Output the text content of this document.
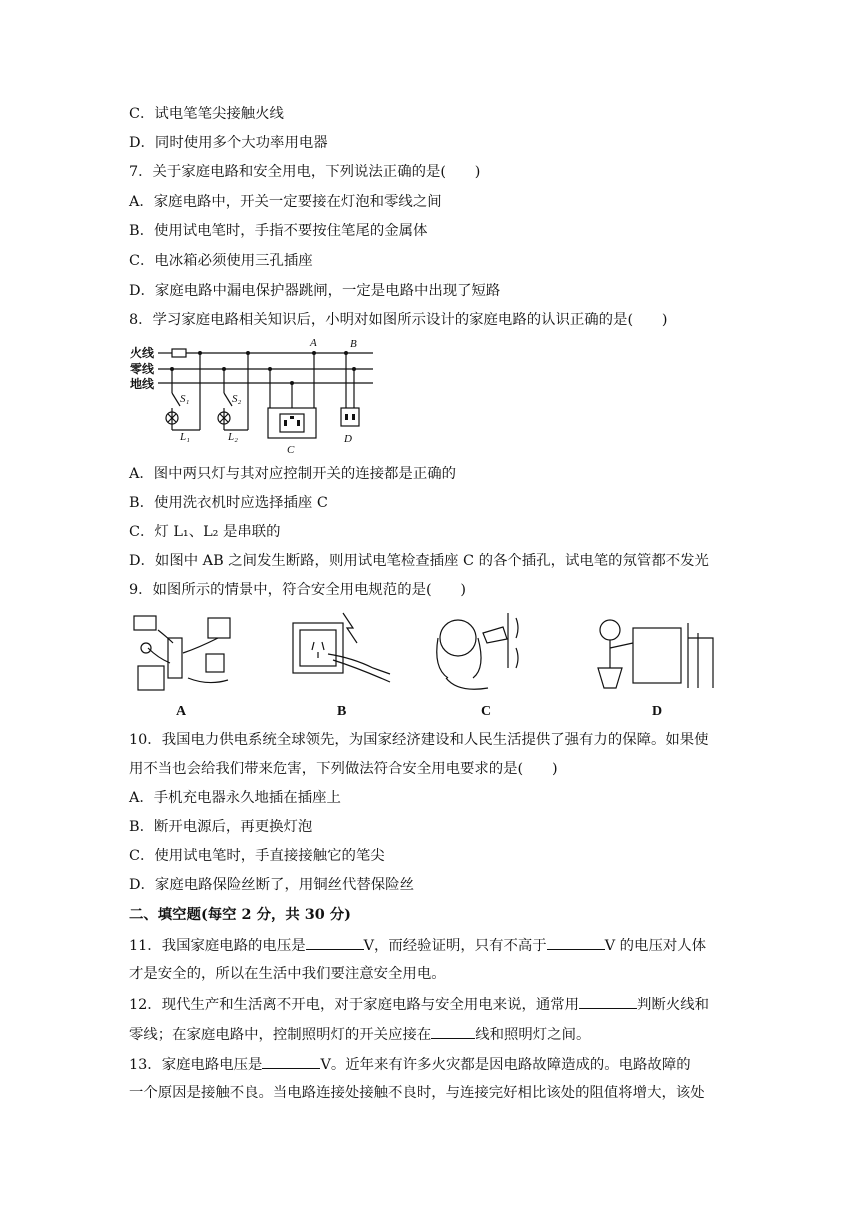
C．试电笔笔尖接触火线
D．同时使用多个大功率用电器
7．关于家庭电路和安全用电，下列说法正确的是(　　)
A．家庭电路中，开关一定要接在灯泡和零线之间
B．使用试电笔时，手指不要按住笔尾的金属体
C．电冰箱必须使用三孔插座
D．家庭电路中漏电保护器跳闸，一定是电路中出现了短路
8．学习家庭电路相关知识后，小明对如图所示设计的家庭电路的认识正确的是(　　)
火线
零线
地线
S₁	S₂
L₁	L₂
A	B
C
D
A．图中两只灯与其对应控制开关的连接都是正确的
B．使用洗衣机时应选择插座 C
C．灯 L₁、L₂ 是串联的
D．如图中 AB 之间发生断路，则用试电笔检查插座 C 的各个插孔，试电笔的氖管都不发光
9．如图所示的情景中，符合安全用电规范的是(　　)
A	B	C	D
10．我国电力供电系统全球领先，为国家经济建设和人民生活提供了强有力的保障。如果使
用不当也会给我们带来危害，下列做法符合安全用电要求的是(　　)
A．手机充电器永久地插在插座上
B．断开电源后，再更换灯泡
C．使用试电笔时，手直接接触它的笔尖
D．家庭电路保险丝断了，用铜丝代替保险丝
二、填空题(每空 2 分，共 30 分)
11．我国家庭电路的电压是	V，而经验证明，只有不高于	V 的电压对人体
才是安全的，所以在生活中我们要注意安全用电。
12．现代生产和生活离不开电，对于家庭电路与安全用电来说，通常用	判断火线和
零线；在家庭电路中，控制照明灯的开关应接在	线和照明灯之间。
13．家庭电路电压是	V。近年来有许多火灾都是因电路故障造成的。电路故障的
一个原因是接触不良。当电路连接处接触不良时，与连接完好相比该处的阻值将增大，该处
